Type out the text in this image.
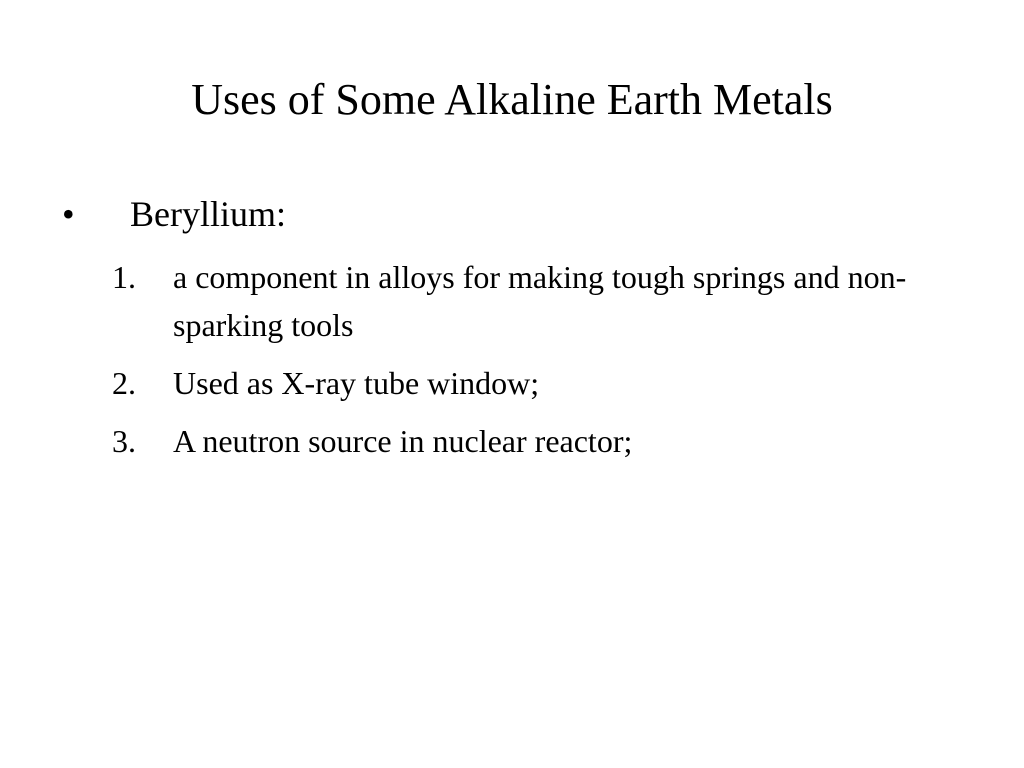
Uses of Some Alkaline Earth Metals
• Beryllium:
1.	a component in alloys for making tough springs and non-sparking tools
2.	Used as X-ray tube window;
3.	A neutron source in nuclear reactor;
